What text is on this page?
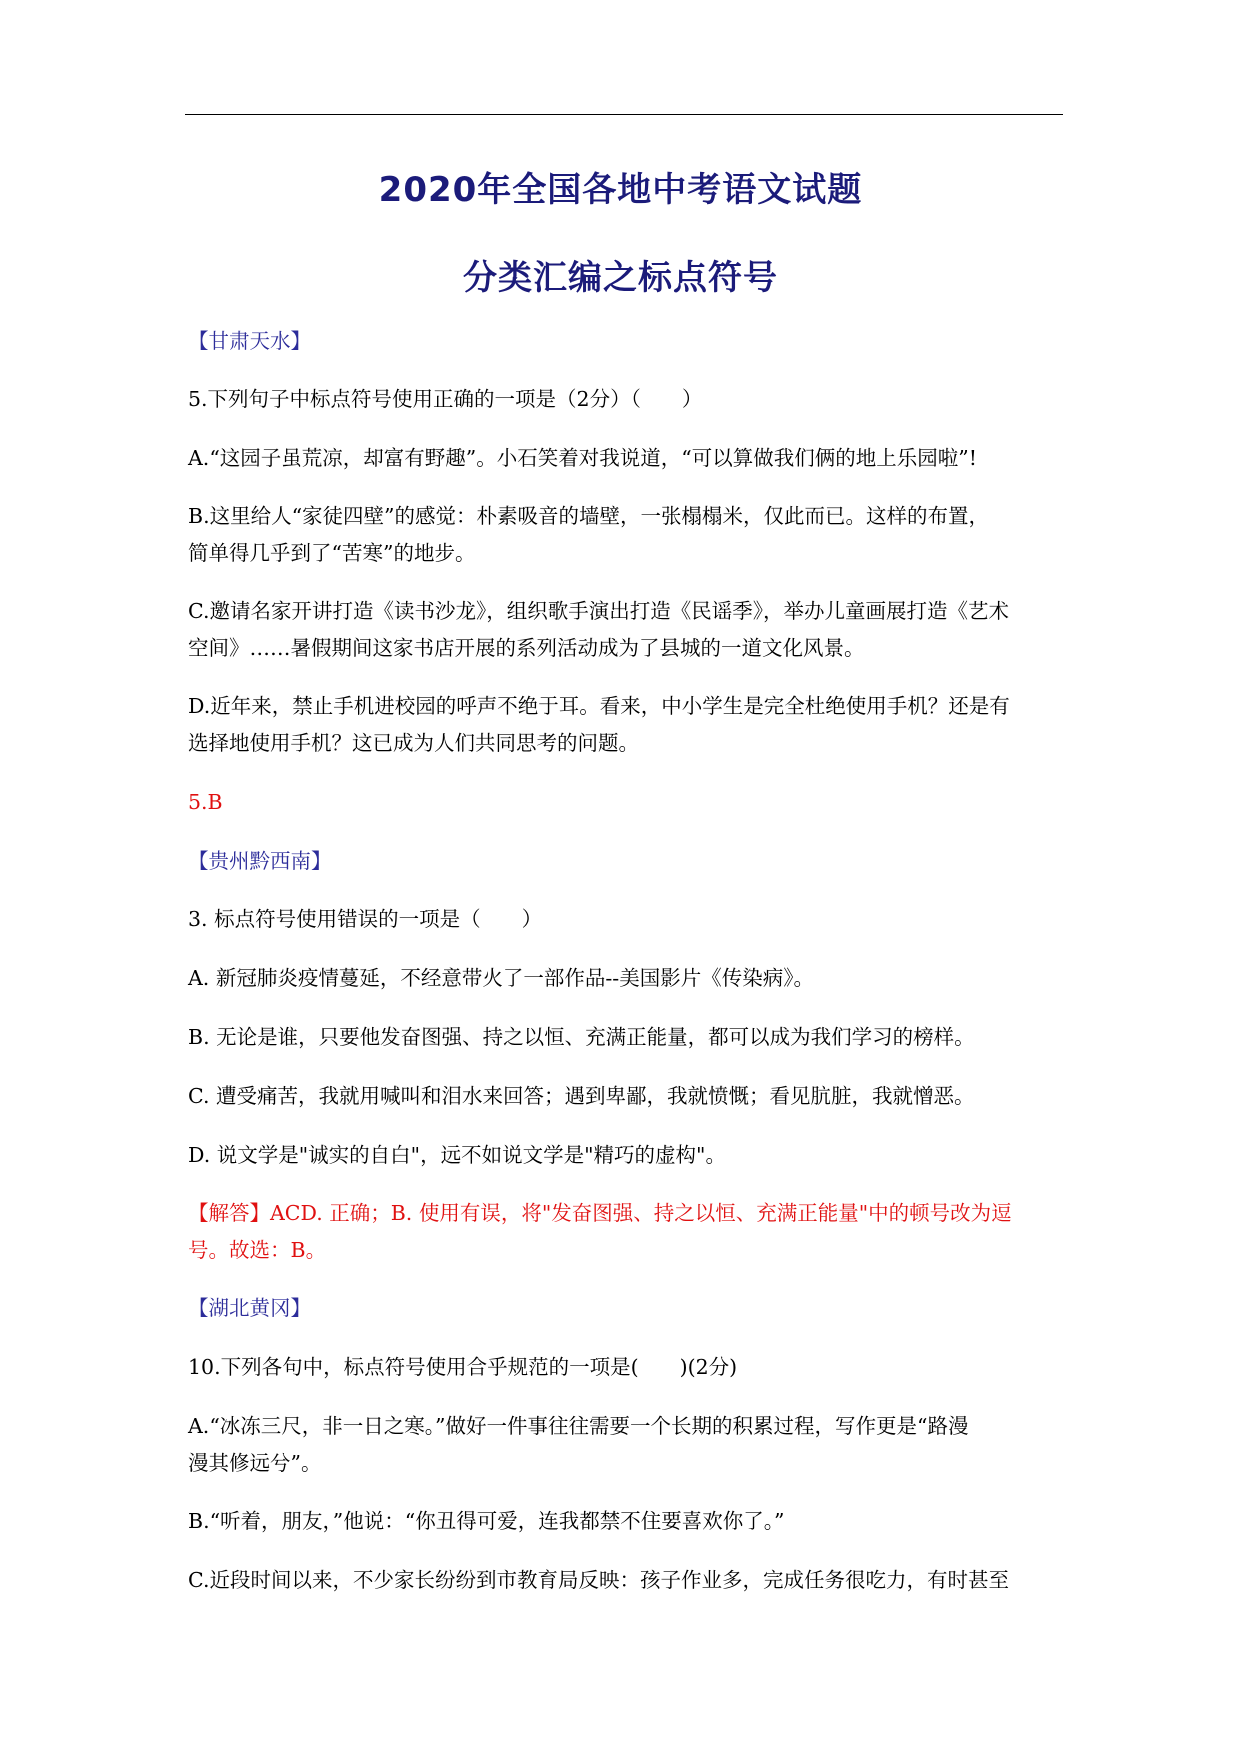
2020年全国各地中考语文试题
分类汇编之标点符号
【甘肃天水】
5.下列句子中标点符号使用正确的一项是（2分）（　　）
A.“这园子虽荒凉，却富有野趣”。小石笑着对我说道，“可以算做我们俩的地上乐园啦”!
B.这里给人“家徒四壁”的感觉：朴素吸音的墙壁，一张榻榻米，仅此而已。这样的布置，
简单得几乎到了“苦寒”的地步。
C.邀请名家开讲打造《读书沙龙》，组织歌手演出打造《民谣季》，举办儿童画展打造《艺术
空间》……暑假期间这家书店开展的系列活动成为了县城的一道文化风景。
D.近年来，禁止手机进校园的呼声不绝于耳。看来，中小学生是完全杜绝使用手机？还是有
选择地使用手机？这已成为人们共同思考的问题。
5.B
【贵州黔西南】
3. 标点符号使用错误的一项是（　　）
A. 新冠肺炎疫情蔓延，不经意带火了一部作品--美国影片《传染病》。
B. 无论是谁，只要他发奋图强、持之以恒、充满正能量，都可以成为我们学习的榜样。
C. 遭受痛苦，我就用喊叫和泪水来回答；遇到卑鄙，我就愤慨；看见肮脏，我就憎恶。
D. 说文学是"诚实的自白"，远不如说文学是"精巧的虚构"。
【解答】ACD. 正确；B. 使用有误，将"发奋图强、持之以恒、充满正能量"中的顿号改为逗
号。故选：B。
【湖北黄冈】
10.下列各句中，标点符号使用合乎规范的一项是(　　)(2分)
A.“冰冻三尺，非一日之寒。”做好一件事往往需要一个长期的积累过程，写作更是“路漫
漫其修远兮”。
B.“听着，朋友，”他说：“你丑得可爱，连我都禁不住要喜欢你了。”
C.近段时间以来，不少家长纷纷到市教育局反映：孩子作业多，完成任务很吃力，有时甚至
